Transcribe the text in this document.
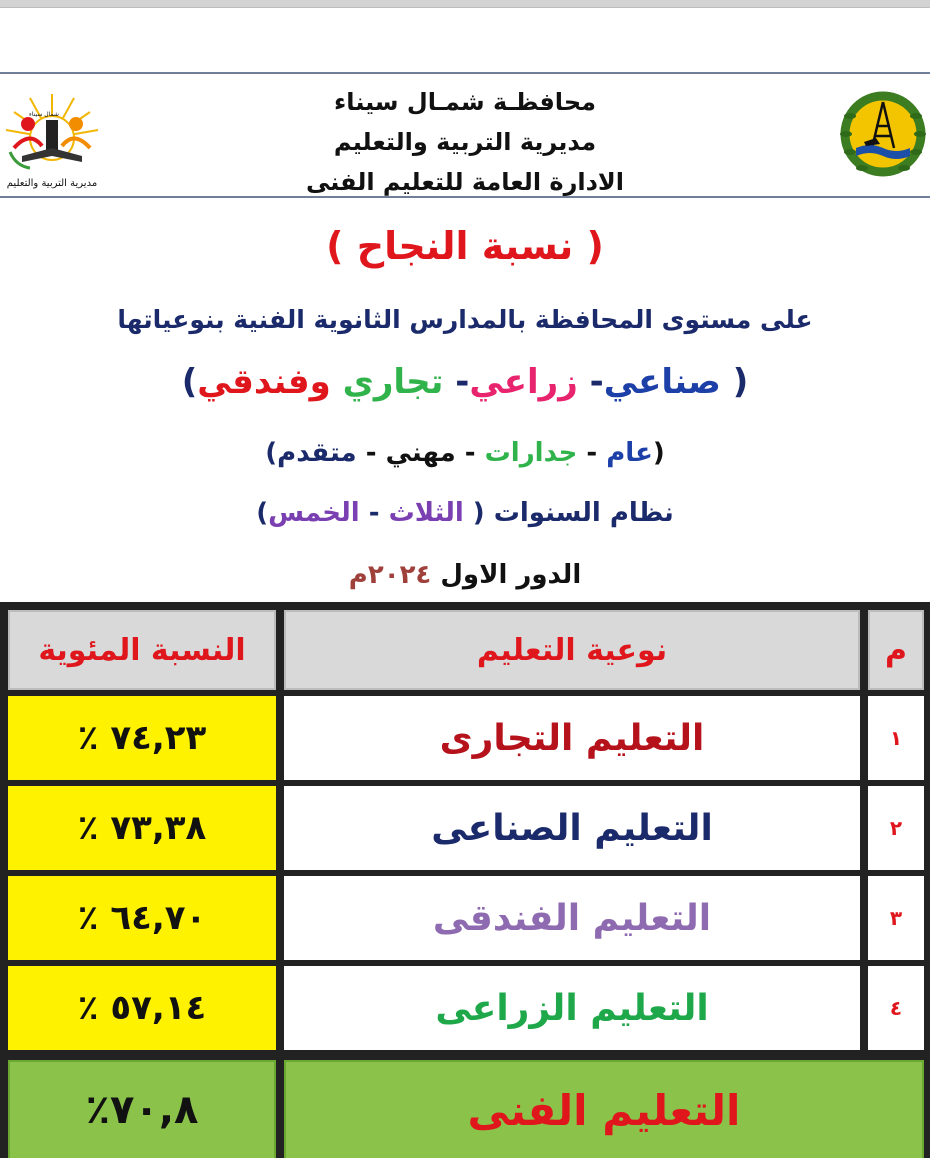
مديرية التربية والتعليم
شمال سيناء	محافظـة شمـال سيناء
مديرية التربية والتعليم
الادارة العامة للتعليم الفنى
( نسبة النجاح )
على مستوى المحافظة بالمدارس الثانوية الفنية بنوعياتها
( صناعي- زراعي- تجاري وفندقي)
(عام - جدارات - مهني - متقدم)
نظام السنوات ( الثلاث - الخمس)
الدور الاول ٢٠٢٤م
م
نوعية التعليم
النسبة المئوية
١
التعليم التجارى
٧٤,٢٣ ٪
٢
التعليم الصناعى
٧٣,٣٨ ٪
٣
التعليم الفندقى
٦٤,٧٠ ٪
٤
التعليم الزراعى
٥٧,١٤ ٪
التعليم الفنى
٧٠,٨٪
